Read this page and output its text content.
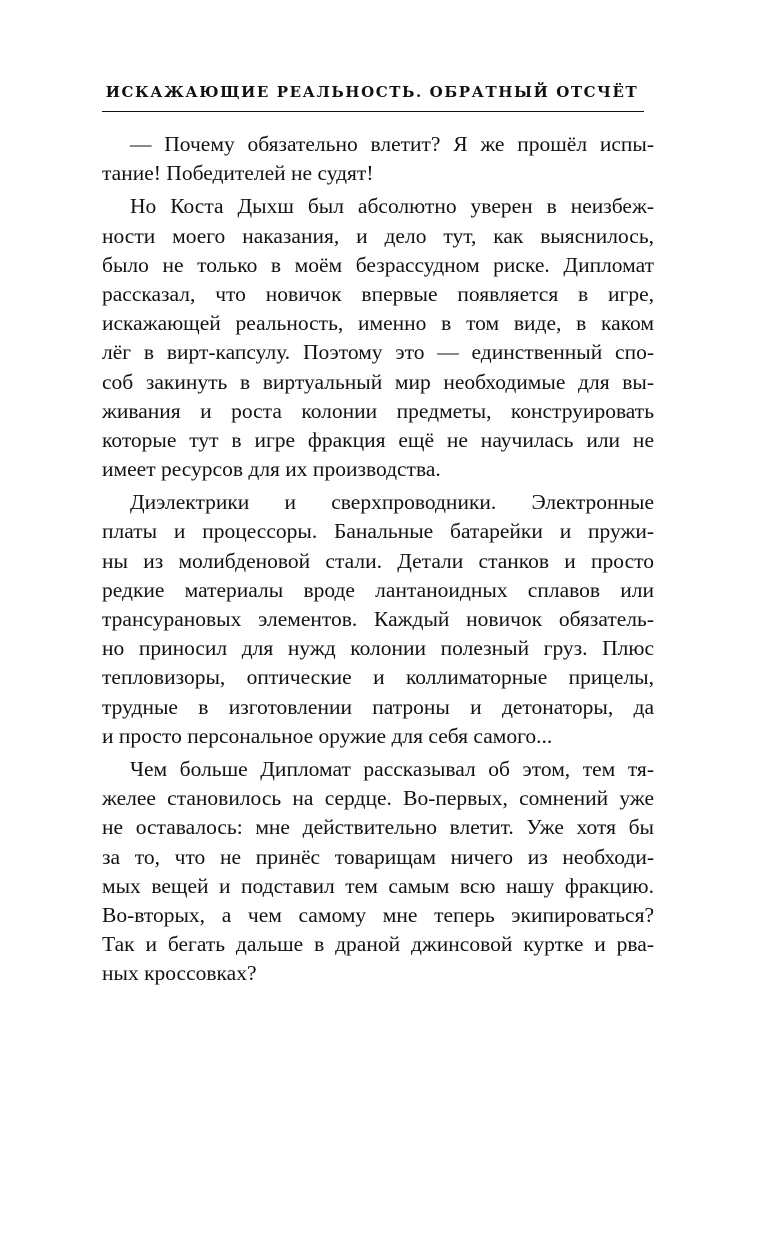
ИСКАЖАЮЩИЕ РЕАЛЬНОСТЬ. ОБРАТНЫЙ ОТСЧЁТ
— Почему обязательно влетит? Я же прошёл испы-
тание! Победителей не судят!
Но Коста Дыхш был абсолютно уверен в неизбеж-
ности моего наказания, и дело тут, как выяснилось,
было не только в моём безрассудном риске. Дипломат
рассказал, что новичок впервые появляется в игре,
искажающей реальность, именно в том виде, в каком
лёг в вирт-капсулу. Поэтому это — единственный спо-
соб закинуть в виртуальный мир необходимые для вы-
живания и роста колонии предметы, конструировать
которые тут в игре фракция ещё не научилась или не
имеет ресурсов для их производства.
Диэлектрики и сверхпроводники. Электронные
платы и процессоры. Банальные батарейки и пружи-
ны из молибденовой стали. Детали станков и просто
редкие материалы вроде лантаноидных сплавов или
трансурановых элементов. Каждый новичок обязатель-
но приносил для нужд колонии полезный груз. Плюс
тепловизоры, оптические и коллиматорные прицелы,
трудные в изготовлении патроны и детонаторы, да
и просто персональное оружие для себя самого...
Чем больше Дипломат рассказывал об этом, тем тя-
желее становилось на сердце. Во-первых, сомнений уже
не оставалось: мне действительно влетит. Уже хотя бы
за то, что не принёс товарищам ничего из необходи-
мых вещей и подставил тем самым всю нашу фракцию.
Во-вторых, а чем самому мне теперь экипироваться?
Так и бегать дальше в драной джинсовой куртке и рва-
ных кроссовках?
